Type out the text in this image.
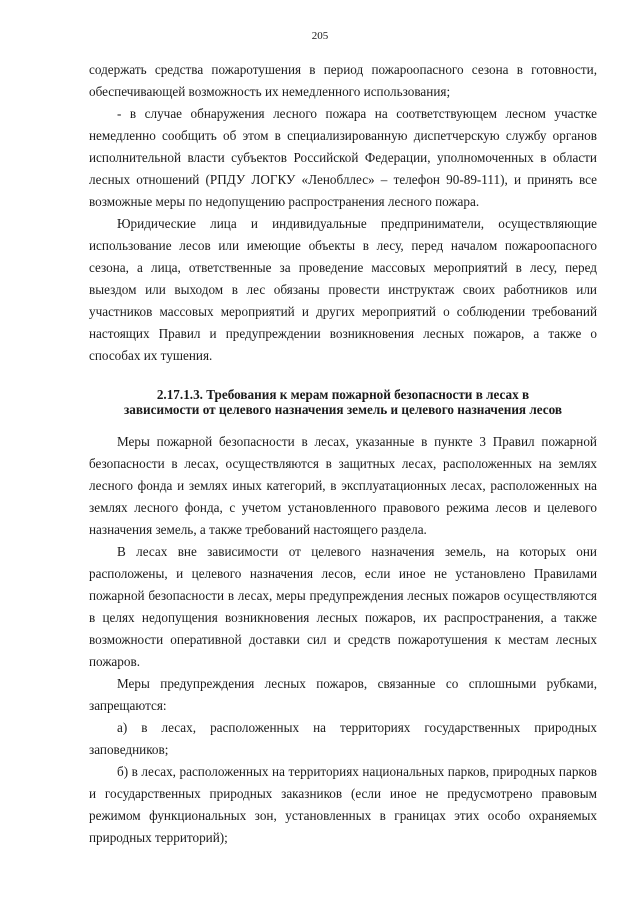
205

содержать средства пожаротушения в период пожароопасного сезона в готовности, обеспечивающей возможность их немедленного использования;

- в случае обнаружения лесного пожара на соответствующем лесном участке немедленно сообщить об этом в специализированную диспетчерскую службу органов исполнительной власти субъектов Российской Федерации, уполномоченных в области лесных отношений (РПДУ ЛОГКУ «Ленобллес» – телефон 90-89-111), и принять все возможные меры по недопущению распространения лесного пожара.

Юридические лица и индивидуальные предприниматели, осуществляющие использование лесов или имеющие объекты в лесу, перед началом пожароопасного сезона, а лица, ответственные за проведение массовых мероприятий в лесу, перед выездом или выходом в лес обязаны провести инструктаж своих работников или участников массовых мероприятий и других мероприятий о соблюдении требований настоящих Правил и предупреждении возникновения лесных пожаров, а также о способах их тушения.

2.17.1.3. Требования к мерам пожарной безопасности в лесах в
зависимости от целевого назначения земель и целевого назначения лесов

Меры пожарной безопасности в лесах, указанные в пункте 3 Правил пожарной безопасности в лесах, осуществляются в защитных лесах, расположенных на землях лесного фонда и землях иных категорий, в эксплуатационных лесах, расположенных на землях лесного фонда, с учетом установленного правового режима лесов и целевого назначения земель, а также требований настоящего раздела.

В лесах вне зависимости от целевого назначения земель, на которых они расположены, и целевого назначения лесов, если иное не установлено Правилами пожарной безопасности в лесах, меры предупреждения лесных пожаров осуществляются в целях недопущения возникновения лесных пожаров, их распространения, а также возможности оперативной доставки сил и средств пожаротушения к местам лесных пожаров.

Меры предупреждения лесных пожаров, связанные со сплошными рубками, запрещаются:

а) в лесах, расположенных на территориях государственных природных заповедников;

б) в лесах, расположенных на территориях национальных парков, природных парков и государственных природных заказников (если иное не предусмотрено правовым режимом функциональных зон, установленных в границах этих особо охраняемых природных территорий);
